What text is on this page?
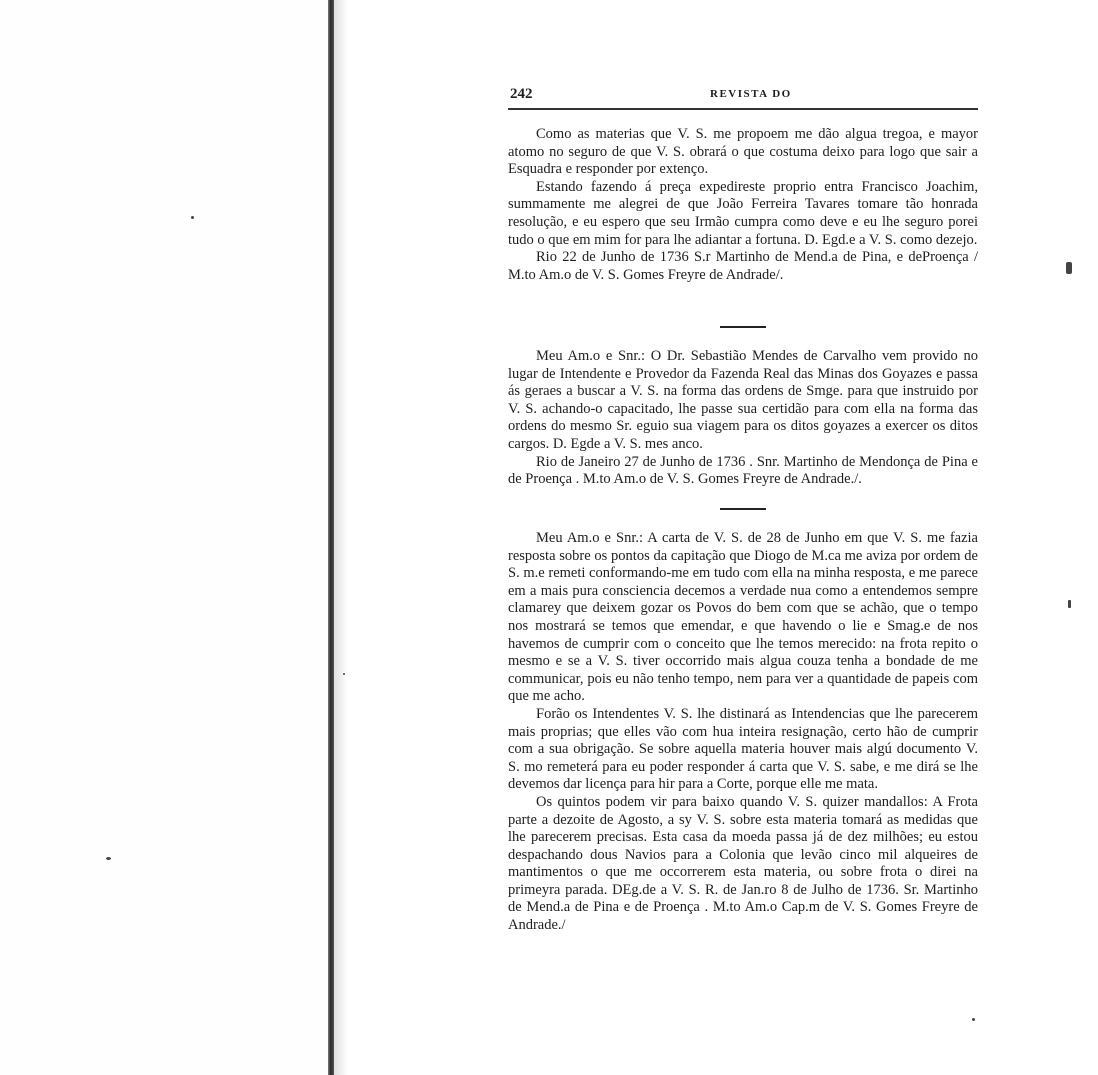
242	REVISTA DO

Como as materias que V. S. me propoem me dão algua tregoa, e mayor atomo no seguro de que V. S. obrará o que costuma deixo para logo que sair a Esquadra e responder por extenço.

Estando fazendo á preça expedireste proprio entra Francisco Joachim, summamente me alegrei de que João Ferreira Tavares tomare tão honrada resolução, e eu espero que seu Irmão cumpra como deve e eu lhe seguro porei tudo o que em mim for para lhe adiantar a fortuna. D. Egd.e a V. S. como dezejo.

Rio 22 de Junho de 1736 S.r Martinho de Mend.a de Pina, e deProença / M.to Am.o de V. S. Gomes Freyre de Andrade/.

Meu Am.o e Snr.: O Dr. Sebastião Mendes de Carvalho vem provido no lugar de Intendente e Provedor da Fazenda Real das Minas dos Goyazes e passa ás geraes a buscar a V. S. na forma das ordens de Smge. para que instruido por V. S. achando-o capacitado, lhe passe sua certidão para com ella na forma das ordens do mesmo Sr. eguio sua viagem para os ditos goyazes a exercer os ditos cargos. D. Egde a V. S. mes anco.

Rio de Janeiro 27 de Junho de 1736 . Snr. Martinho de Mendonça de Pina e de Proença . M.to Am.o de V. S. Gomes Freyre de Andrade./.

Meu Am.o e Snr.: A carta de V. S. de 28 de Junho em que V. S. me fazia resposta sobre os pontos da capitação que Diogo de M.ca me aviza por ordem de S. m.e remeti conformando-me em tudo com ella na minha resposta, e me parece em a mais pura consciencia decemos a verdade nua como a entendemos sempre clamarey que deixem gozar os Povos do bem com que se achão, que o tempo nos mostrará se temos que emendar, e que havendo o lie e Smag.e de nos havemos de cumprir com o conceito que lhe temos merecido: na frota repito o mesmo e se a V. S. tiver occorrido mais algua couza tenha a bondade de me communicar, pois eu não tenho tempo, nem para ver a quantidade de papeis com que me acho.

Forão os Intendentes V. S. lhe distinará as Intendencias que lhe parecerem mais proprias; que elles vão com hua inteira resignação, certo hão de cumprir com a sua obrigação. Se sobre aquella materia houver mais algú documento V. S. mo remeterá para eu poder responder á carta que V. S. sabe, e me dirá se lhe devemos dar licença para hir para a Corte, porque elle me mata.

Os quintos podem vir para baixo quando V. S. quizer mandallos: A Frota parte a dezoite de Agosto, a sy V. S. sobre esta materia tomará as medidas que lhe parecerem precisas. Esta casa da moeda passa já de dez milhões; eu estou despachando dous Navios para a Colonia que levão cinco mil alqueires de mantimentos o que me occorrerem esta materia, ou sobre frota o direi na primeyra parada. DEg.de a V. S. R. de Jan.ro 8 de Julho de 1736. Sr. Martinho de Mend.a de Pina e de Proença . M.to Am.o Cap.m de V. S. Gomes Freyre de Andrade./
